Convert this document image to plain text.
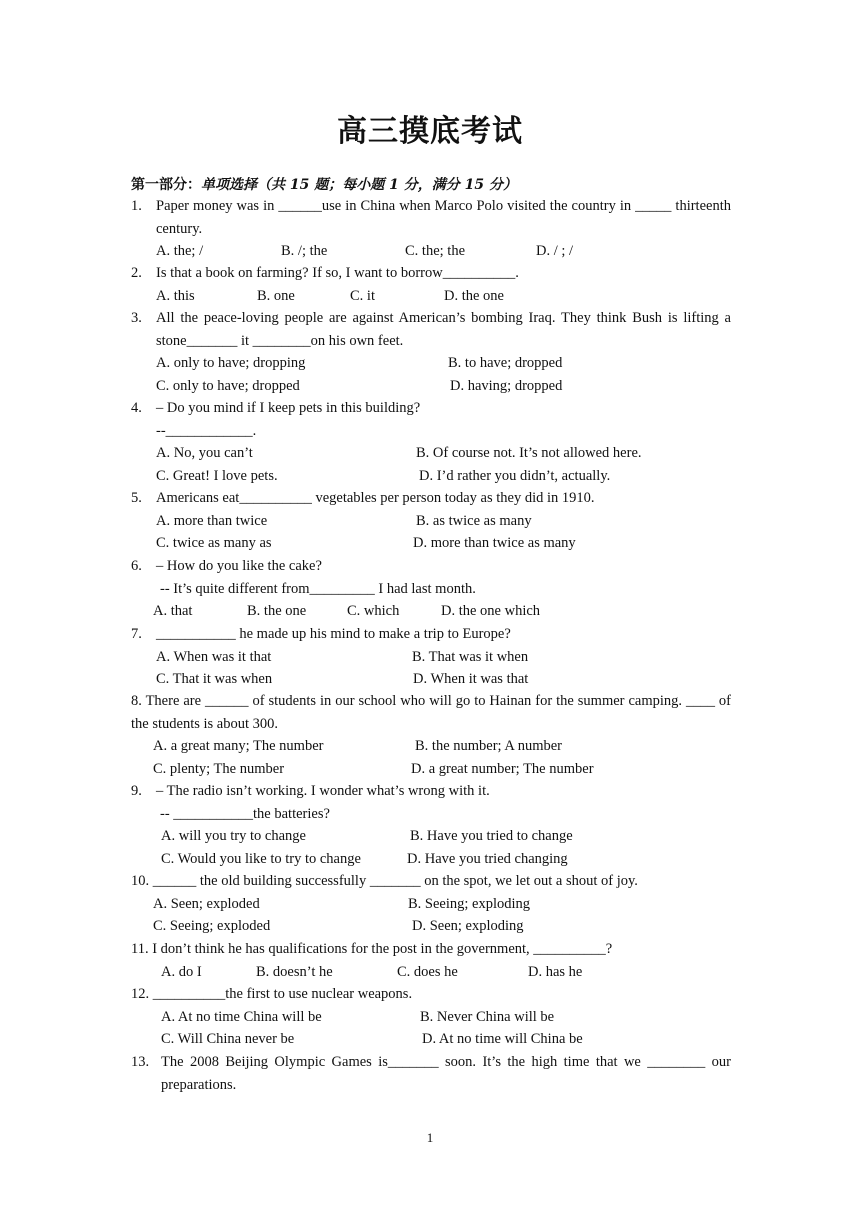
高三摸底考试
第一部分：单项选择（共 15 题；每小题 1 分，满分 15 分）
1. Paper money was in ______use in China when Marco Polo visited the country in _____ thirteenth century.
A. the; /	B. /; the	C. the; the	D. / ; /
2. Is that a book on farming? If so, I want to borrow__________.
A. this	B. one	C. it	D. the one
3. All the peace-loving people are against American’s bombing Iraq. They think Bush is lifting a stone_______ it ________on his own feet.
A. only to have; dropping	B. to have; dropped
C. only to have; dropped	D. having; dropped
4. – Do you mind if I keep pets in this building?
--____________.
A. No, you can’t	B. Of course not. It’s not allowed here.
C. Great! I love pets.	D. I’d rather you didn’t, actually.
5. Americans eat__________ vegetables per person today as they did in 1910.
A. more than twice	B. as twice as many
C. twice as many as	D. more than twice as many
6. – How do you like the cake?
-- It’s quite different from_________ I had last month.
A. that	B. the one	C. which	D. the one which
7. ___________ he made up his mind to make a trip to Europe?
A. When was it that	B. That was it when
C. That it was when	D. When it was that
8. There are ______ of students in our school who will go to Hainan for the summer camping. ____ of the students is about 300.
A. a great many; The number	B. the number; A number
C. plenty; The number	D. a great number; The number
9. – The radio isn’t working. I wonder what’s wrong with it.
-- ___________the batteries?
A. will you try to change	B. Have you tried to change
C. Would you like to try to change	D. Have you tried changing
10. ______ the old building successfully _______ on the spot, we let out a shout of joy.
A. Seen; exploded	B. Seeing; exploding
C. Seeing; exploded	D. Seen; exploding
11. I don’t think he has qualifications for the post in the government, __________?
A. do I	B. doesn’t he	C. does he	D. has he
12. __________the first to use nuclear weapons.
A. At no time China will be	B. Never China will be
C. Will China never be	D. At no time will China be
13. The 2008 Beijing Olympic Games is_______ soon. It’s the high time that we ________ our preparations.
1
